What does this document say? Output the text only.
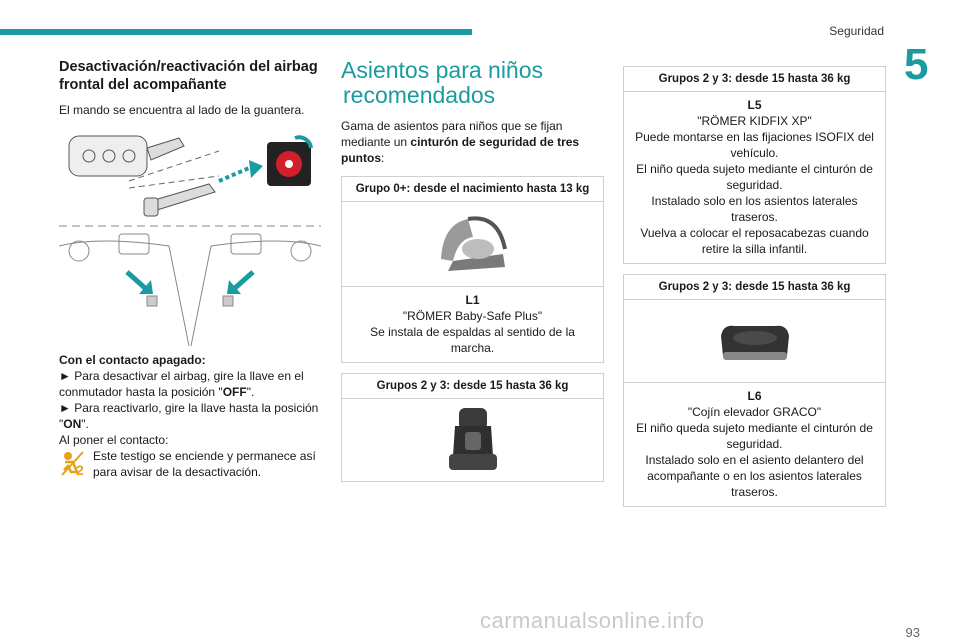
Seguridad
5
Desactivación/reactivación del airbag frontal del acompañante

El mando se encuentra al lado de la guantera.

Con el contacto apagado:

► Para desactivar el airbag, gire la llave en el conmutador hasta la posición "OFF".

► Para reactivarlo, gire la llave hasta la posición "ON".

Al poner el contacto:

2

Este testigo se enciende y permanece así para avisar de la desactivación.

Asientos para niños
recomendados

Gama de asientos para niños que se fijan mediante un cinturón de seguridad de tres puntos:

Grupo 0+: desde el nacimiento hasta 13 kg
L1
"RÖMER Baby-Safe Plus"
Se instala de espaldas al sentido de la marcha.
Grupos 2 y 3: desde 15 hasta 36 kg
Grupos 2 y 3: desde 15 hasta 36 kg
L5
"RÖMER KIDFIX XP"
Puede montarse en las fijaciones ISOFIX del vehículo.
El niño queda sujeto mediante el cinturón de seguridad.
Instalado solo en los asientos laterales traseros.
Vuelva a colocar el reposacabezas cuando retire la silla infantil.
Grupos 2 y 3: desde 15 hasta 36 kg
L6
"Cojín elevador GRACO"
El niño queda sujeto mediante el cinturón de seguridad.
Instalado solo en el asiento delantero del acompañante o en los asientos laterales traseros.
carmanualsonline.info	93
